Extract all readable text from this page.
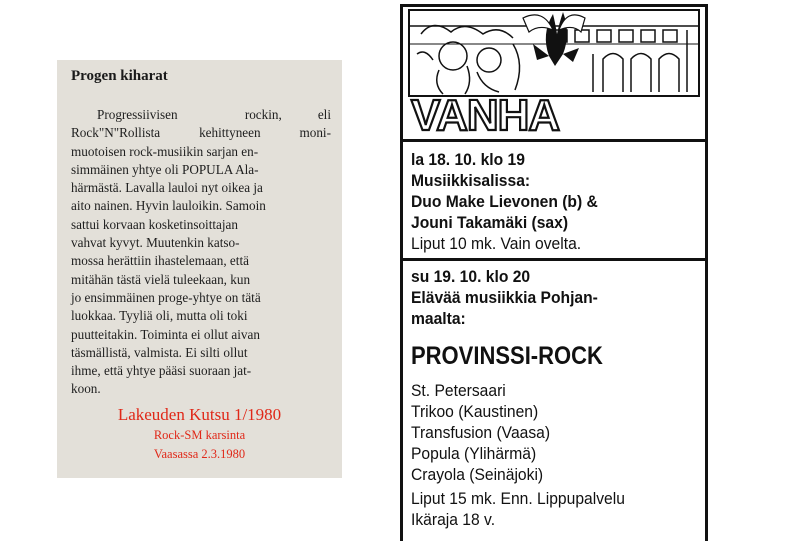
Progen kiharat
Progressiivisen	rockin,	eli
Rock"N"Rollista	kehittyneen	moni-
muotoisen rock-musiikin sarjan en-
simmäinen yhtye oli POPULA Ala-
härmästä. Lavalla lauloi nyt oikea ja
aito nainen. Hyvin lauloikin. Samoin
sattui korvaan kosketinsoittajan
vahvat kyvyt. Muutenkin katso-
mossa herättiin ihastelemaan, että
mitähän tästä vielä tuleekaan, kun
jo ensimmäinen proge-yhtye on tätä
luokkaa. Tyyliä oli, mutta oli toki
puutteitakin. Toiminta ei ollut aivan
täsmällistä, valmista. Ei silti ollut
ihme, että yhtye pääsi suoraan jat-
koon.
Lakeuden Kutsu 1/1980
Rock-SM karsinta
Vaasassa 2.3.1980
VANHA
la 18. 10. klo 19
Musiikkisalissa:
Duo Make Lievonen (b) &
Jouni Takamäki (sax)
Liput 10 mk. Vain ovelta.
su 19. 10. klo 20
Elävää musiikkia Pohjan-
maalta:
PROVINSSI-ROCK
St. Petersaari
Trikoo (Kaustinen)
Transfusion (Vaasa)
Popula (Ylihärmä)
Crayola (Seinäjoki)
Liput 15 mk. Enn. Lippupalvelu
Ikäraja 18 v.
